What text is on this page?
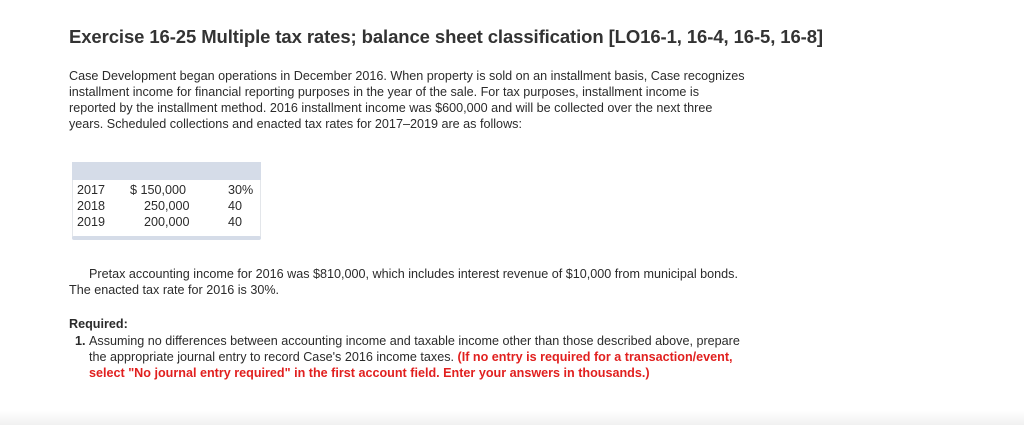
Exercise 16-25 Multiple tax rates; balance sheet classification [LO16-1, 16-4, 16-5, 16-8]

Case Development began operations in December 2016. When property is sold on an installment basis, Case recognizes installment income for financial reporting purposes in the year of the sale. For tax purposes, installment income is reported by the installment method. 2016 installment income was $600,000 and will be collected over the next three years. Scheduled collections and enacted tax rates for 2017–2019 are as follows:

2017 $ 150,000	30%
2018	250,000	40
2019	200,000	40

Pretax accounting income for 2016 was $810,000, which includes interest revenue of $10,000 from municipal bonds. The enacted tax rate for 2016 is 30%.

Required:

1. Assuming no differences between accounting income and taxable income other than those described above, prepare the appropriate journal entry to record Case's 2016 income taxes. (If no entry is required for a transaction/event, select "No journal entry required" in the first account field. Enter your answers in thousands.)
